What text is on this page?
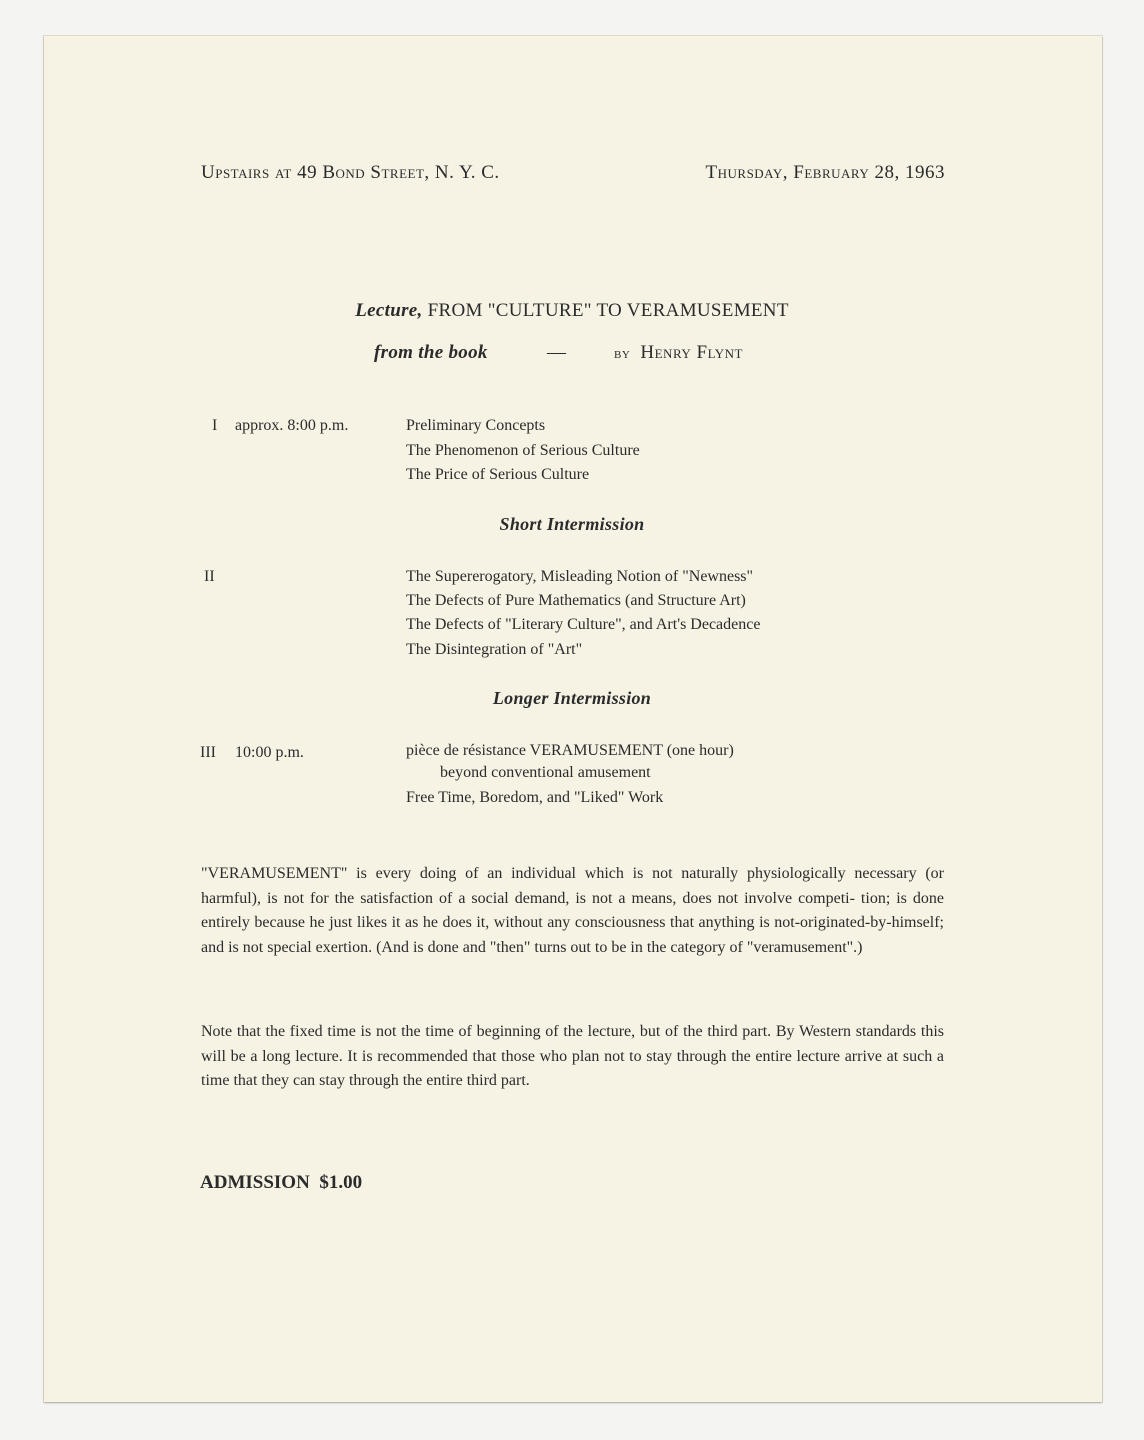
Upstairs at 49 Bond Street, N. Y. C.	Thursday, February 28, 1963
Lecture, FROM "CULTURE" TO VERAMUSEMENT
from the book	—	by Henry Flynt
I approx. 8:00 p.m.	Preliminary Concepts
The Phenomenon of Serious Culture
The Price of Serious Culture
Short Intermission
II	The Supererogatory, Misleading Notion of "Newness"
The Defects of Pure Mathematics (and Structure Art)
The Defects of "Literary Culture", and Art's Decadence
The Disintegration of "Art"
Longer Intermission
III 10:00 p.m.	pièce de résistance VERAMUSEMENT (one hour)
beyond conventional amusement
Free Time, Boredom, and "Liked" Work
"VERAMUSEMENT" is every doing of an individual which is not naturally physiologically necessary (or harmful), is not for the satisfaction of a social demand, is not a means, does not involve competi- tion; is done entirely because he just likes it as he does it, without any consciousness that anything is not-originated-by-himself; and is not special exertion. (And is done and "then" turns out to be in the category of "veramusement".)
Note that the fixed time is not the time of beginning of the lecture, but of the third part. By Western standards this will be a long lecture. It is recommended that those who plan not to stay through the entire lecture arrive at such a time that they can stay through the entire third part.
ADMISSION $1.00
